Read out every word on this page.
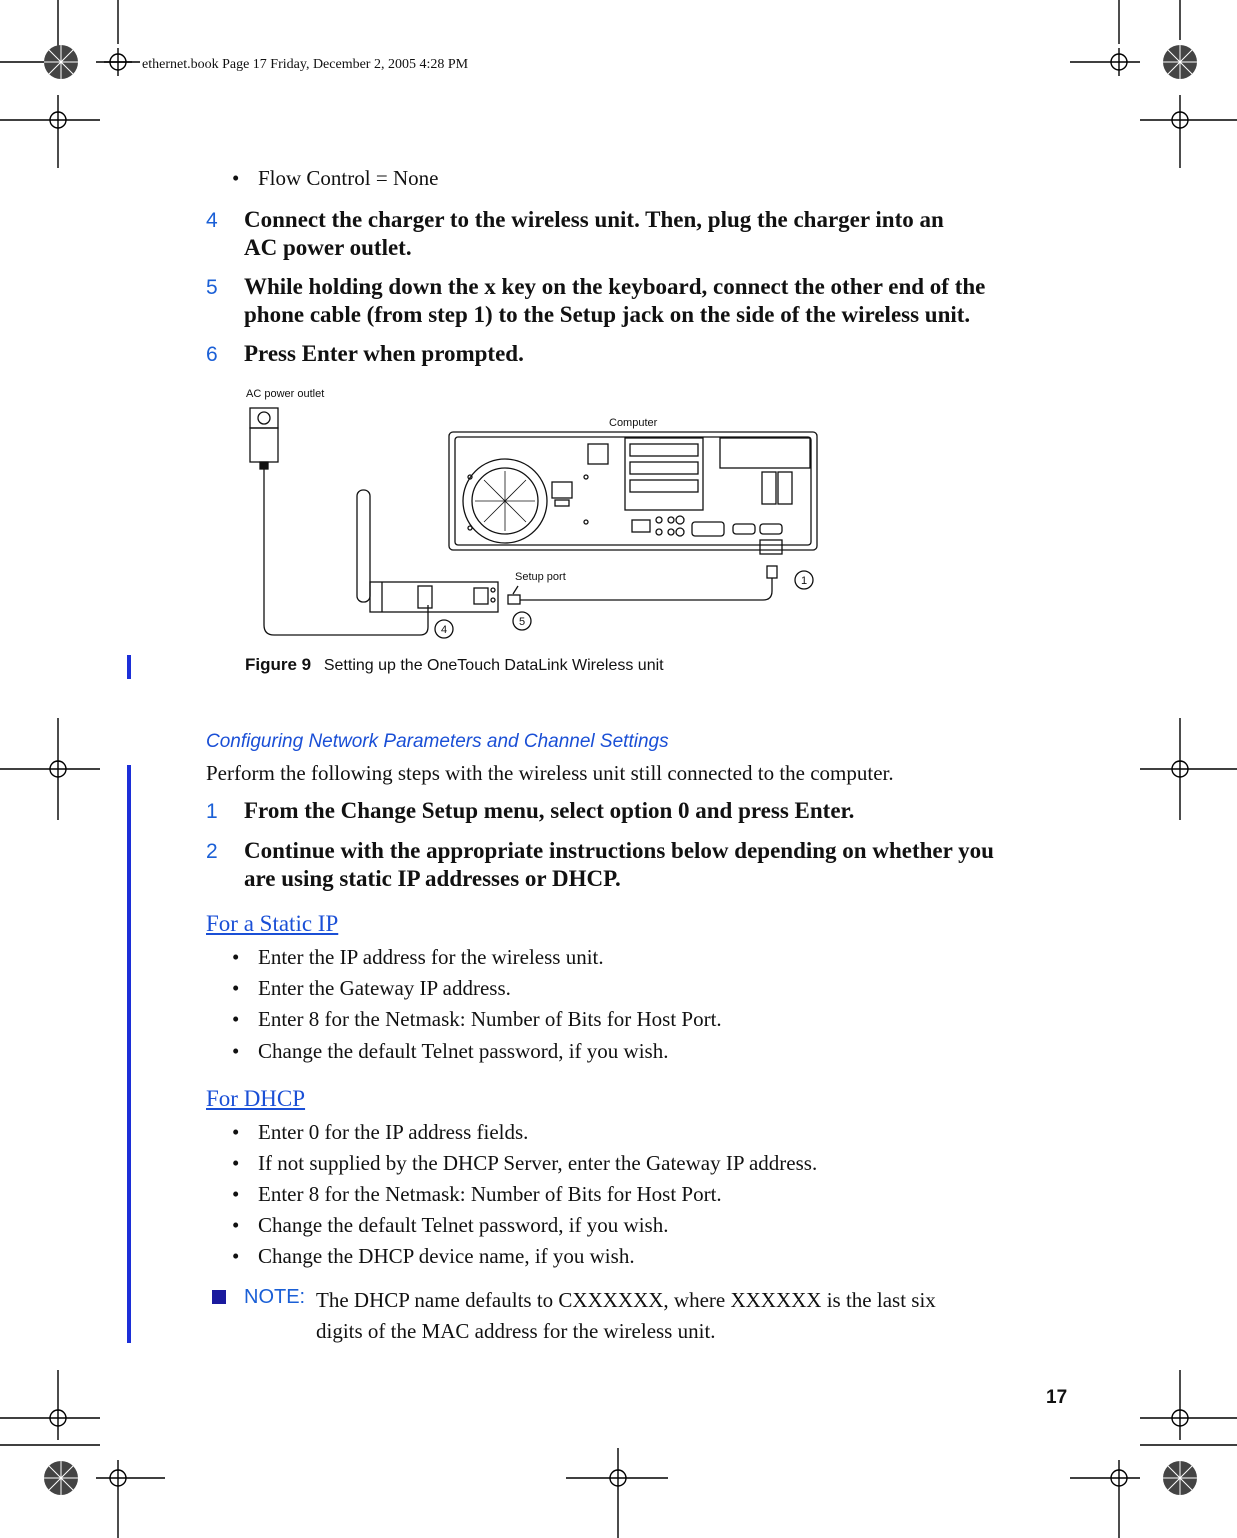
ethernet.book Page 17 Friday, December 2, 2005 4:28 PM
• Flow Control = None
4 Connect the charger to the wireless unit. Then, plug the charger into an
AC power outlet.
5 While holding down the x key on the keyboard, connect the other end of the
phone cable (from step 1) to the Setup jack on the side of the wireless unit.
6 Press Enter when prompted.
AC power outlet
Computer
Setup port	1
4
5
Figure 9 Setting up the OneTouch DataLink Wireless unit
Configuring Network Parameters and Channel Settings
Perform the following steps with the wireless unit still connected to the computer.
1 From the Change Setup menu, select option 0 and press Enter.
2 Continue with the appropriate instructions below depending on whether you
are using static IP addresses or DHCP.
For a Static IP
• Enter the IP address for the wireless unit.
• Enter the Gateway IP address.
• Enter 8 for the Netmask: Number of Bits for Host Port.
• Change the default Telnet password, if you wish.
For DHCP
• Enter 0 for the IP address fields.
• If not supplied by the DHCP Server, enter the Gateway IP address.
• Enter 8 for the Netmask: Number of Bits for Host Port.
• Change the default Telnet password, if you wish.
• Change the DHCP device name, if you wish.
NOTE: The DHCP name defaults to CXXXXXX, where XXXXXX is the last six
digits of the MAC address for the wireless unit.
17
